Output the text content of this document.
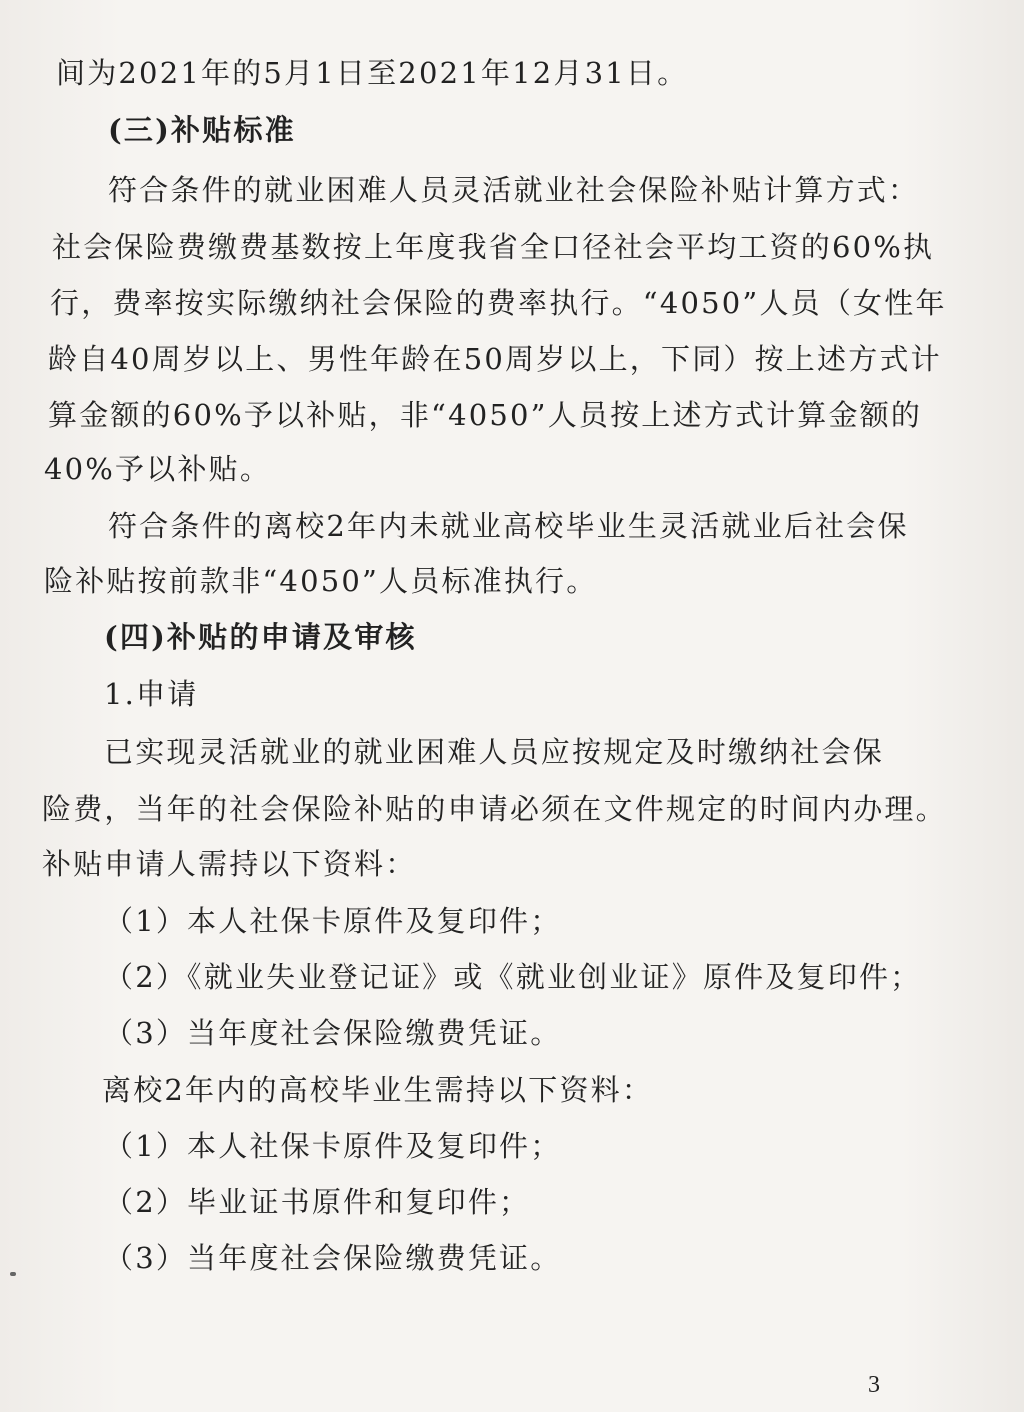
间为2021年的5月1日至2021年12月31日。
(三)补贴标准
符合条件的就业困难人员灵活就业社会保险补贴计算方式：
社会保险费缴费基数按上年度我省全口径社会平均工资的60%执
行，费率按实际缴纳社会保险的费率执行。“4050”人员（女性年
龄自40周岁以上、男性年龄在50周岁以上，下同）按上述方式计
算金额的60%予以补贴，非“4050”人员按上述方式计算金额的
40%予以补贴。
符合条件的离校2年内未就业高校毕业生灵活就业后社会保
险补贴按前款非“4050”人员标准执行。
(四)补贴的申请及审核
1.申请
已实现灵活就业的就业困难人员应按规定及时缴纳社会保
险费，当年的社会保险补贴的申请必须在文件规定的时间内办理。
补贴申请人需持以下资料：
（1）本人社保卡原件及复印件；
（2）《就业失业登记证》或《就业创业证》原件及复印件；
（3）当年度社会保险缴费凭证。
离校2年内的高校毕业生需持以下资料：
（1）本人社保卡原件及复印件；
（2）毕业证书原件和复印件；
（3）当年度社会保险缴费凭证。
3
